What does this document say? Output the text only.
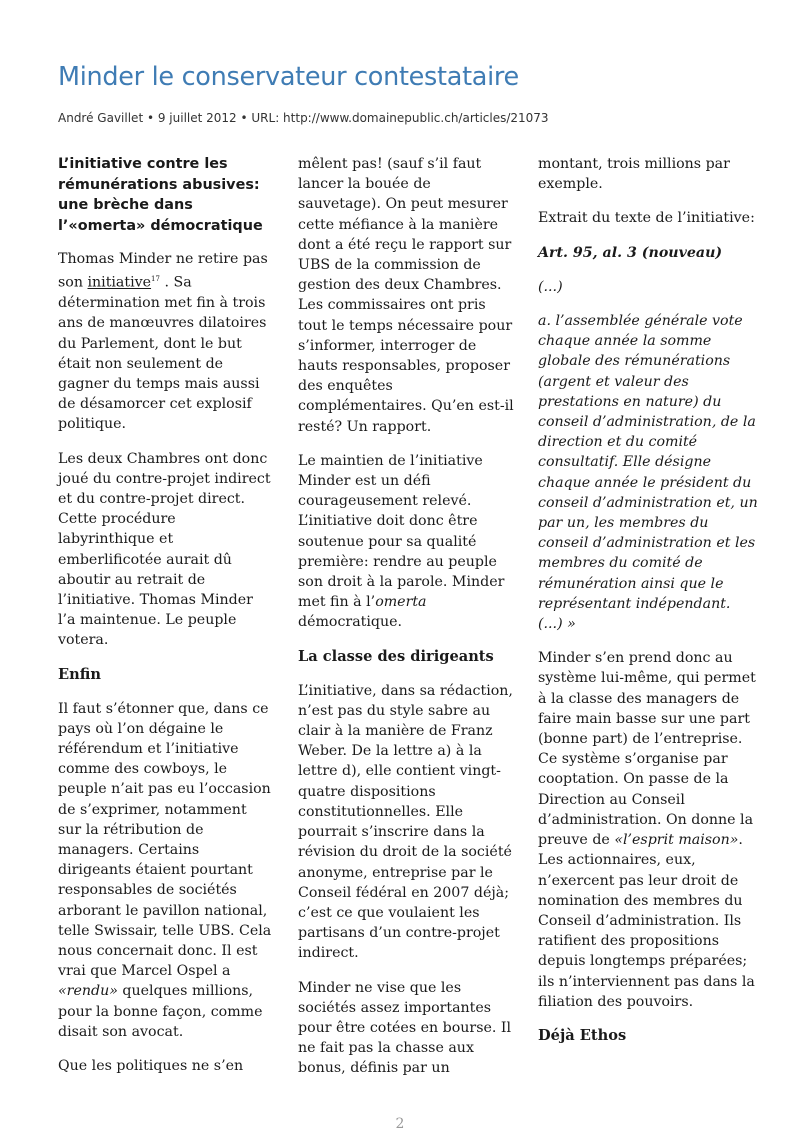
Minder le conservateur contestataire
André Gavillet • 9 juillet 2012 • URL: http://www.domainepublic.ch/articles/21073
L’initiative contre les rémunérations abusives: une brèche dans l’«omerta» démocratique

Thomas Minder ne retire pas son initiative$^{17}$ . Sa détermination met fin à trois ans de manœuvres dilatoires du Parlement, dont le but était non seulement de gagner du temps mais aussi de désamorcer cet explosif politique.

Les deux Chambres ont donc joué du contre-projet indirect et du contre-projet direct. Cette procédure labyrinthique et emberlificotée aurait dû aboutir au retrait de l’initiative. Thomas Minder l’a maintenue. Le peuple votera.

Enfin

Il faut s’étonner que, dans ce pays où l’on dégaine le référendum et l’initiative comme des cowboys, le peuple n’ait pas eu l’occasion de s’exprimer, notamment sur la rétribution de managers. Certains dirigeants étaient pourtant responsables de sociétés arborant le pavillon national, telle Swissair, telle UBS. Cela nous concernait donc. Il est vrai que Marcel Ospel a «rendu» quelques millions, pour la bonne façon, comme disait son avocat.

Que les politiques ne s’en

mêlent pas! (sauf s’il faut lancer la bouée de sauvetage). On peut mesurer cette méfiance à la manière dont a été reçu le rapport sur UBS de la commission de gestion des deux Chambres. Les commissaires ont pris tout le temps nécessaire pour s’informer, interroger de hauts responsables, proposer des enquêtes complémentaires. Qu’en est-il resté? Un rapport.

Le maintien de l’initiative Minder est un défi courageusement relevé. L’initiative doit donc être soutenue pour sa qualité première: rendre au peuple son droit à la parole. Minder met fin à l’omerta démocratique.

La classe des dirigeants

L’initiative, dans sa rédaction, n’est pas du style sabre au clair à la manière de Franz Weber. De la lettre a) à la lettre d), elle contient vingt-quatre dispositions constitutionnelles. Elle pourrait s’inscrire dans la révision du droit de la société anonyme, entreprise par le Conseil fédéral en 2007 déjà; c’est ce que voulaient les partisans d’un contre-projet indirect.

Minder ne vise que les sociétés assez importantes pour être cotées en bourse. Il ne fait pas la chasse aux bonus, définis par un

montant, trois millions par exemple.

Extrait du texte de l’initiative:

Art. 95, al. 3 (nouveau)

(...)

a. l’assemblée générale vote chaque année la somme globale des rémunérations (argent et valeur des prestations en nature) du conseil d’administration, de la direction et du comité consultatif. Elle désigne chaque année le président du conseil d’administration et, un par un, les membres du conseil d’administration et les membres du comité de rémunération ainsi que le représentant indépendant. (...) »

Minder s’en prend donc au système lui-même, qui permet à la classe des managers de faire main basse sur une part (bonne part) de l’entreprise. Ce système s’organise par cooptation. On passe de la Direction au Conseil d’administration. On donne la preuve de «l’esprit maison». Les actionnaires, eux, n’exercent pas leur droit de nomination des membres du Conseil d’administration. Ils ratifient des propositions depuis longtemps préparées; ils n’interviennent pas dans la filiation des pouvoirs.

Déjà Ethos
2
